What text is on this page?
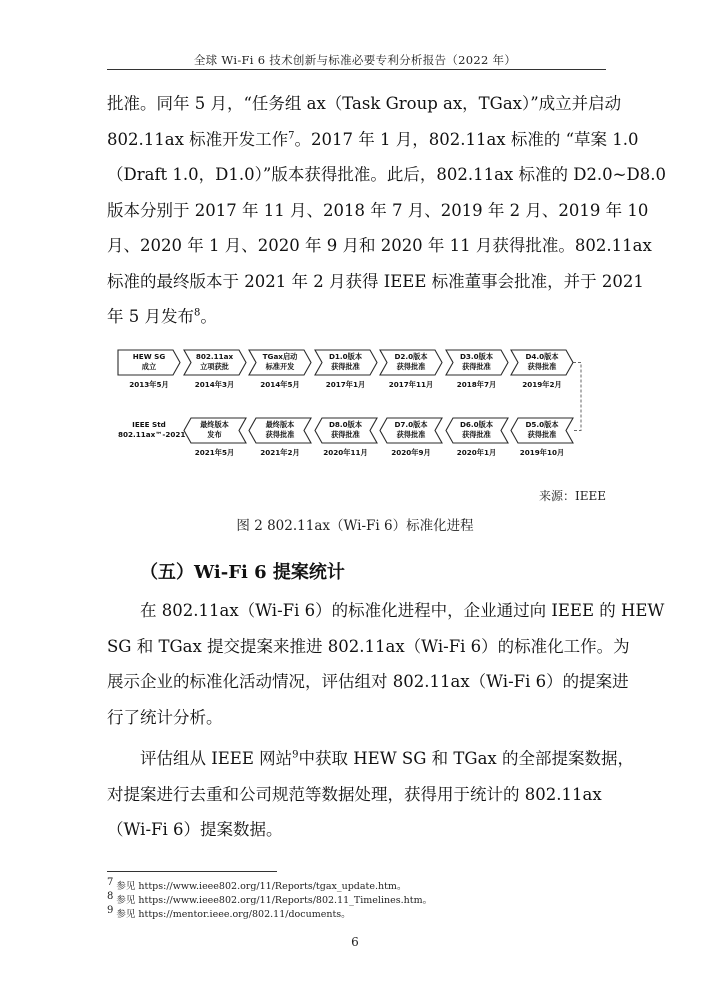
全球 Wi-Fi 6 技术创新与标准必要专利分析报告（2022 年）
批准。同年 5 月，“任务组 ax（Task Group ax，TGax）”成立并启动
802.11ax 标准开发工作$^7$。2017 年 1 月，802.11ax 标准的 “草案 1.0
（Draft 1.0，D1.0）”版本获得批准。此后，802.11ax 标准的 D2.0~D8.0
版本分别于 2017 年 11 月、2018 年 7 月、2019 年 2 月、2019 年 10
月、2020 年 1 月、2020 年 9 月和 2020 年 11 月获得批准。802.11ax
标准的最终版本于 2021 年 2 月获得 IEEE 标准董事会批准，并于 2021
年 5 月发布$^8$。
HEW SG
成立
2013年5月
802.11ax
立项获批
2014年3月
TGax启动
标准开发
2014年5月
D1.0版本
获得批准
2017年1月
D2.0版本
获得批准
2017年11月
D3.0版本
获得批准
2018年7月
D4.0版本
获得批准
2019年2月
最终版本
发布
2021年5月
最终版本
获得批准
2021年2月
D8.0版本
获得批准
2020年11月
D7.0版本
获得批准
2020年9月
D6.0版本
获得批准
2020年1月
D5.0版本
获得批准
2019年10月
IEEE Std
802.11ax™-2021
来源：IEEE
图 2 802.11ax（Wi-Fi 6）标准化进程
（五）Wi-Fi 6 提案统计
在 802.11ax（Wi-Fi 6）的标准化进程中，企业通过向 IEEE 的 HEW
SG 和 TGax 提交提案来推进 802.11ax（Wi-Fi 6）的标准化工作。为
展示企业的标准化活动情况，评估组对 802.11ax（Wi-Fi 6）的提案进
行了统计分析。
评估组从 IEEE 网站$^9$中获取 HEW SG 和 TGax 的全部提案数据，
对提案进行去重和公司规范等数据处理，获得用于统计的 802.11ax
（Wi-Fi 6）提案数据。
$^7$ 参见 https://www.ieee802.org/11/Reports/tgax_update.htm。
$^8$ 参见 https://www.ieee802.org/11/Reports/802.11_Timelines.htm。
$^9$ 参见 https://mentor.ieee.org/802.11/documents。
6
